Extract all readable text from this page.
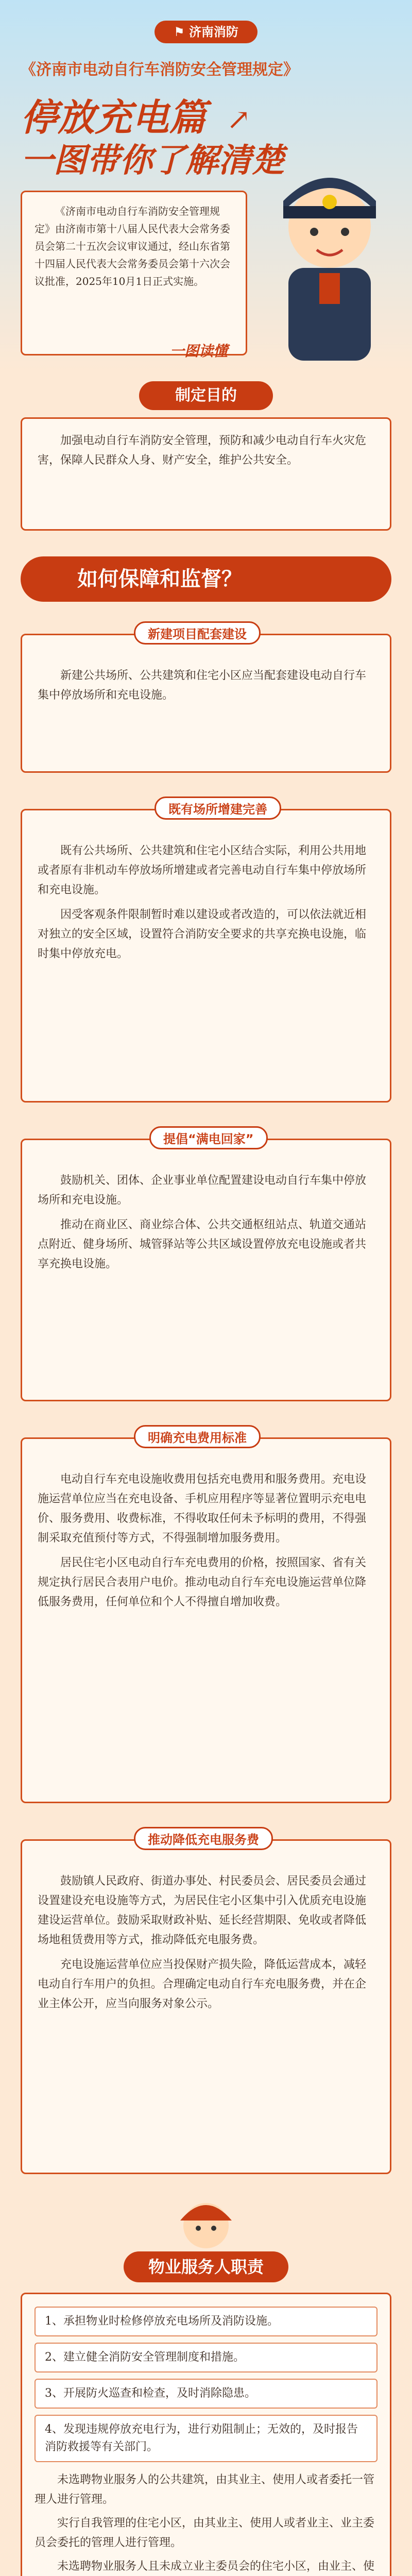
⚑ 济南消防
《济南市电动自行车消防安全管理规定》
停放充电篇 ↗
一图带你了解清楚

《济南市电动自行车消防安全管理规定》由济南市第十八届人民代表大会常务委员会第二十五次会议审议通过，经山东省第十四届人民代表大会常务委员会第十六次会议批准，2025年10月1日正式实施。

一图读懂
制定目的

加强电动自行车消防安全管理，预防和减少电动自行车火灾危害，保障人民群众人身、财产安全，维护公共安全。

如何保障和监督？

新建公共场所、公共建筑和住宅小区应当配套建设电动自行车集中停放场所和充电设施。

新建项目配套建设

既有公共场所、公共建筑和住宅小区结合实际，利用公共用地或者原有非机动车停放场所增建或者完善电动自行车集中停放场所和充电设施。

因受客观条件限制暂时难以建设或者改造的，可以依法就近相对独立的安全区域，设置符合消防安全要求的共享充换电设施，临时集中停放充电。

既有场所增建完善

鼓励机关、团体、企业事业单位配置建设电动自行车集中停放场所和充电设施。

推动在商业区、商业综合体、公共交通枢纽站点、轨道交通站点附近、健身场所、城管驿站等公共区域设置停放充电设施或者共享充换电设施。

提倡“满电回家”

电动自行车充电设施收费用包括充电费用和服务费用。充电设施运营单位应当在充电设备、手机应用程序等显著位置明示充电电价、服务费用、收费标准，不得收取任何未予标明的费用，不得强制采取充值预付等方式，不得强制增加服务费用。

居民住宅小区电动自行车充电费用的价格，按照国家、省有关规定执行居民合表用户电价。推动电动自行车充电设施运营单位降低服务费用，任何单位和个人不得擅自增加收费。

明确充电费用标准

鼓励镇人民政府、街道办事处、村民委员会、居民委员会通过设置建设充电设施等方式，为居民住宅小区集中引入优质充电设施建设运营单位。鼓励采取财政补贴、延长经营期限、免收或者降低场地租赁费用等方式，推动降低充电服务费。

充电设施运营单位应当投保财产损失险，降低运营成本，减轻电动自行车用户的负担。合理确定电动自行车充电服务费，并在企业主体公开，应当向服务对象公示。

推动降低充电服务费
物业服务人职责
1、承担物业时检修停放充电场所及消防设施。
2、建立健全消防安全管理制度和措施。
3、开展防火巡查和检查，及时消除隐患。
4、发现违规停放充电行为，进行劝阻制止；无效的，及时报告消防救援等有关部门。

未选聘物业服务人的公共建筑，由其业主、使用人或者委托一管理人进行管理。

实行自我管理的住宅小区，由其业主、使用人或者业主、业主委员会委托的管理人进行管理。

未选聘物业服务人且未成立业主委员会的住宅小区，由业主、使
